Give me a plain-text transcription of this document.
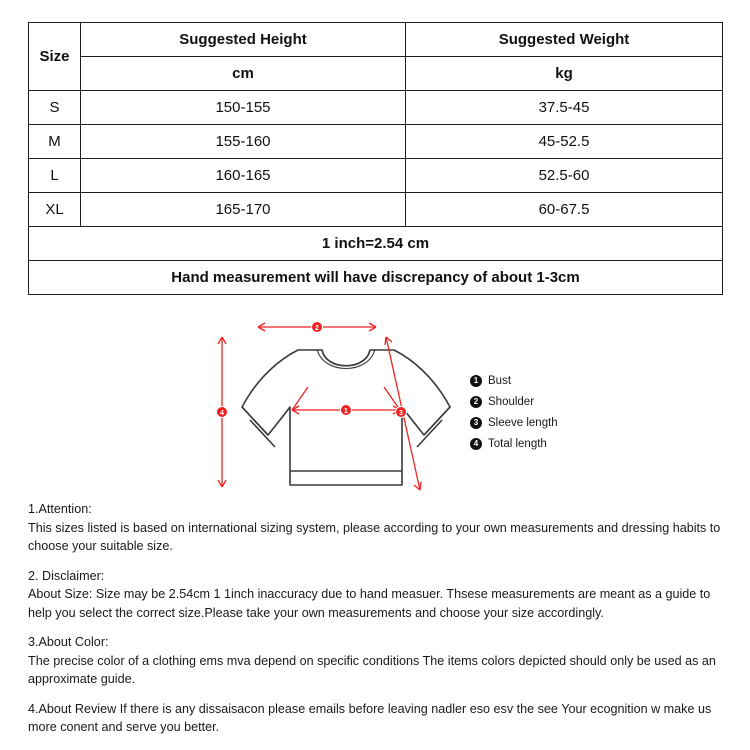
Size	Suggested Height	Suggested Weight
	cm	kg
S	150-155	37.5-45
M	155-160	45-52.5
L	160-165	52.5-60
XL	165-170	60-67.5
1 inch=2.54 cm		
Hand measurement will have discrepancy of about 1-3cm		
2
1
4	3
1 Bust
2 Shoulder
3 Sleeve length
4 Total length

1.Attention:

This sizes listed is based on international sizing system, please according to your own measurements and dressing habits to choose your suitable size.

2. Disclaimer:

About Size: Size may be 2.54cm 1 1inch inaccuracy due to hand measuer. Thsese measurements are meant as a guide to help you select the correct size.Please take your own measurements and choose your size accordingly.

3.About Color:

The precise color of a clothing ems mva depend on specific conditions The items colors depicted should only be used as an approximate guide.

4.About Review If there is any dissaisacon please emails before leaving nadler eso esv the see Your ecognition w make us more conent and serve you better.
